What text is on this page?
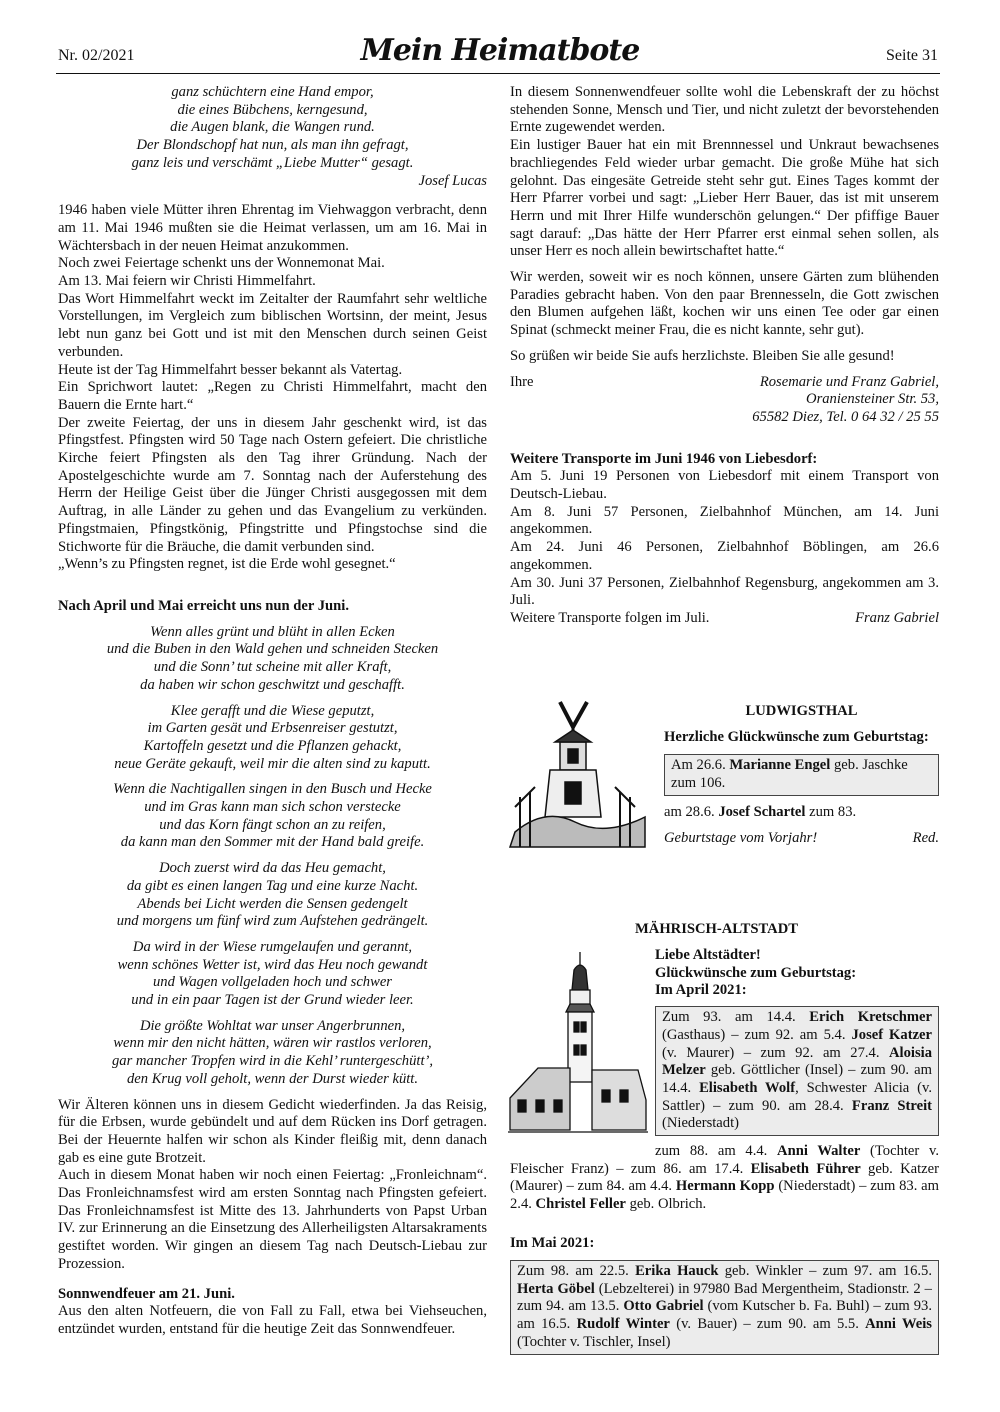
Nr. 02/2021	Mein Heimatbote	Seite 31
ganz schüchtern eine Hand empor,
die eines Bübchens, kerngesund,
die Augen blank, die Wangen rund.
Der Blondschopf hat nun, als man ihn gefragt,
ganz leis und verschämt „Liebe Mutter“ gesagt.
Josef Lucas

1946 haben viele Mütter ihren Ehrentag im Viehwaggon verbracht, denn am 11. Mai 1946 mußten sie die Heimat verlassen, um am 16. Mai in Wächtersbach in der neuen Heimat anzukommen.

Noch zwei Feiertage schenkt uns der Wonnemonat Mai.

Am 13. Mai feiern wir Christi Himmelfahrt.

Das Wort Himmelfahrt weckt im Zeitalter der Raumfahrt sehr weltliche Vorstellungen, im Vergleich zum biblischen Wortsinn, der meint, Jesus lebt nun ganz bei Gott und ist mit den Menschen durch seinen Geist verbunden.

Heute ist der Tag Himmelfahrt besser bekannt als Vatertag.

Ein Sprichwort lautet: „Regen zu Christi Himmelfahrt, macht den Bauern die Ernte hart.“

Der zweite Feiertag, der uns in diesem Jahr geschenkt wird, ist das Pfingstfest. Pfingsten wird 50 Tage nach Ostern gefeiert. Die christliche Kirche feiert Pfingsten als den Tag ihrer Gründung. Nach der Apostelgeschichte wurde am 7. Sonntag nach der Auferstehung des Herrn der Heilige Geist über die Jünger Christi ausgegossen mit dem Auftrag, in alle Länder zu gehen und das Evangelium zu verkünden. Pfingstmaien, Pfingstkönig, Pfingstritte und Pfingstochse sind die Stichworte für die Bräuche, die damit verbunden sind.

„Wenn’s zu Pfingsten regnet, ist die Erde wohl gesegnet.“

Nach April und Mai erreicht uns nun der Juni.

Wenn alles grünt und blüht in allen Ecken
und die Buben in den Wald gehen und schneiden Stecken
und die Sonn’ tut scheine mit aller Kraft,
da haben wir schon geschwitzt und geschafft.
Klee gerafft und die Wiese geputzt,
im Garten gesät und Erbsenreiser gestutzt,
Kartoffeln gesetzt und die Pflanzen gehackt,
neue Geräte gekauft, weil mir die alten sind zu kaputt.
Wenn die Nachtigallen singen in den Busch und Hecke
und im Gras kann man sich schon verstecke
und das Korn fängt schon an zu reifen,
da kann man den Sommer mit der Hand bald greife.
Doch zuerst wird da das Heu gemacht,
da gibt es einen langen Tag und eine kurze Nacht.
Abends bei Licht werden die Sensen gedengelt
und morgens um fünf wird zum Aufstehen gedrängelt.
Da wird in der Wiese rumgelaufen und gerannt,
wenn schönes Wetter ist, wird das Heu noch gewandt
und Wagen vollgeladen hoch und schwer
und in ein paar Tagen ist der Grund wieder leer.
Die größte Wohltat war unser Angerbrunnen,
wenn mir den nicht hätten, wären wir rastlos verloren,
gar mancher Tropfen wird in die Kehl’ runtergeschütt’,
den Krug voll geholt, wenn der Durst wieder kütt.

Wir Älteren können uns in diesem Gedicht wiederfinden. Ja das Reisig, für die Erbsen, wurde gebündelt und auf dem Rücken ins Dorf getragen. Bei der Heuernte halfen wir schon als Kinder fleißig mit, denn danach gab es eine gute Brotzeit.

Auch in diesem Monat haben wir noch einen Feiertag: „Fronleichnam“. Das Fronleichnamsfest wird am ersten Sonntag nach Pfingsten gefeiert. Das Fronleichnamsfest ist Mitte des 13. Jahrhunderts von Papst Urban IV. zur Erinnerung an die Einsetzung des Allerheiligsten Altarsakraments gestiftet worden. Wir gingen an diesem Tag nach Deutsch-Liebau zur Prozession.

Sonnwendfeuer am 21. Juni.

Aus den alten Notfeuern, die von Fall zu Fall, etwa bei Viehseuchen, entzündet wurden, entstand für die heutige Zeit das Sonnwendfeuer.

In diesem Sonnenwendfeuer sollte wohl die Lebenskraft der zu höchst stehenden Sonne, Mensch und Tier, und nicht zuletzt der bevorstehenden Ernte zugewendet werden.

Ein lustiger Bauer hat ein mit Brennnessel und Unkraut bewachsenes brachliegendes Feld wieder urbar gemacht. Die große Mühe hat sich gelohnt. Das eingesäte Getreide steht sehr gut. Eines Tages kommt der Herr Pfarrer vorbei und sagt: „Lieber Herr Bauer, das ist mit unserem Herrn und mit Ihrer Hilfe wunderschön gelungen.“ Der pfiffige Bauer sagt darauf: „Das hätte der Herr Pfarrer erst einmal sehen sollen, als unser Herr es noch allein bewirtschaftet hatte.“

Wir werden, soweit wir es noch können, unsere Gärten zum blühenden Paradies gebracht haben. Von den paar Brennesseln, die Gott zwischen den Blumen aufgehen läßt, kochen wir uns einen Tee oder gar einen Spinat (schmeckt meiner Frau, die es nicht kannte, sehr gut).

So grüßen wir beide Sie aufs herzlichste. Bleiben Sie alle gesund!

Ihre	Rosemarie und Franz Gabriel,
Oraniensteiner Str. 53,
65582 Diez, Tel. 0 64 32 / 25 55

Weitere Transporte im Juni 1946 von Liebesdorf:

Am 5. Juni 19 Personen von Liebesdorf mit einem Transport von Deutsch-Liebau.

Am 8. Juni 57 Personen, Zielbahnhof München, am 14. Juni angekommen.

Am 24. Juni 46 Personen, Zielbahnhof Böblingen, am 26.6 angekommen.

Am 30. Juni 37 Personen, Zielbahnhof Regensburg, angekommen am 3. Juli.

Weitere Transporte folgen im Juli.	Franz Gabriel
LUDWIGSTHAL
Herzliche Glückwünsche zum Geburtstag:
Am 26.6. Marianne Engel geb. Jaschke zum 106.
am 28.6. Josef Schartel zum 83.
Geburtstage vom Vorjahr!	Red.
MÄHRISCH-ALTSTADT
Liebe Altstädter!
Glückwünsche zum Geburtstag:
Im April 2021:

Zum 93. am 14.4. Erich Kretschmer (Gasthaus) – zum 92. am 5.4. Josef Katzer (v. Maurer) – zum 92. am 27.4. Aloisia Melzer geb. Göttlicher (Insel) – zum 90. am 14.4. Elisabeth Wolf, Schwester Alicia (v. Sattler) – zum 90. am 28.4. Franz Streit (Niederstadt)

zum 88. am 4.4. Anni Walter (Tochter v. Fleischer Franz) – zum 86. am 17.4. Elisabeth Führer geb. Katzer (Maurer) – zum 84. am 4.4. Hermann Kopp (Niederstadt) – zum 83. am 2.4. Christel Feller geb. Olbrich.

Im Mai 2021:

Zum 98. am 22.5. Erika Hauck geb. Winkler – zum 97. am 16.5. Herta Göbel (Lebzelterei) in 97980 Bad Mergentheim, Stadionstr. 2 – zum 94. am 13.5. Otto Gabriel (vom Kutscher b. Fa. Buhl) – zum 93. am 16.5. Rudolf Winter (v. Bauer) – zum 90. am 5.5. Anni Weis (Tochter v. Tischler, Insel)
